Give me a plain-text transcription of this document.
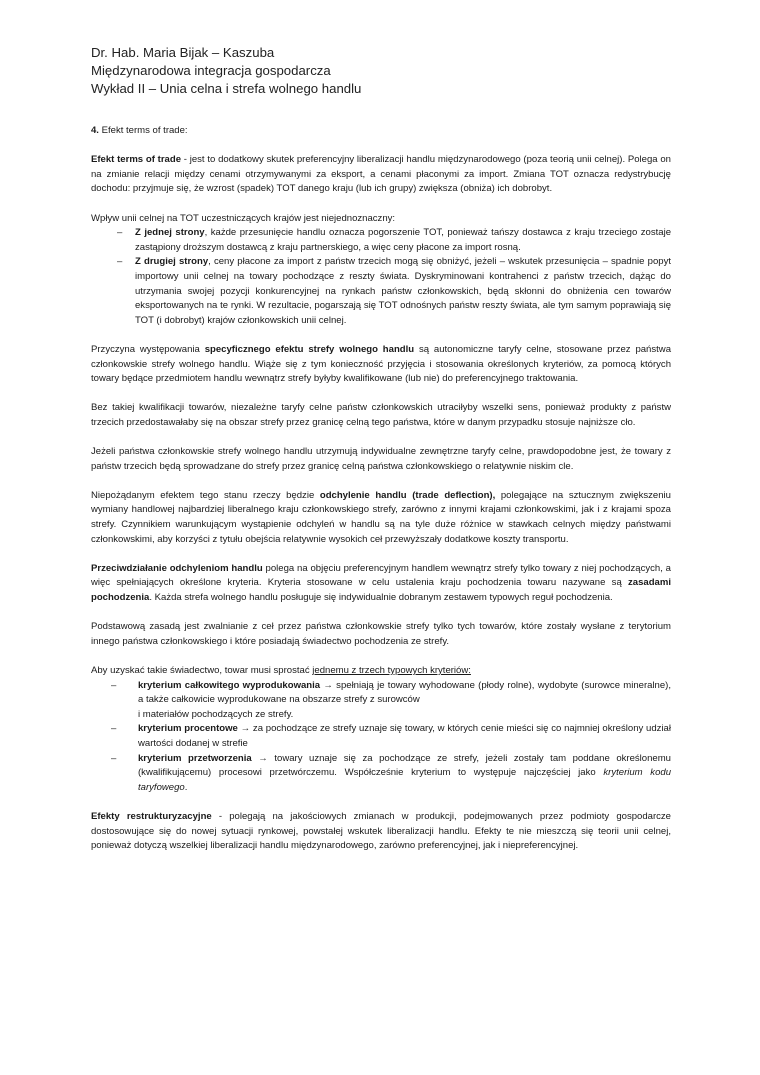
Dr. Hab. Maria Bijak – Kaszuba
Międzynarodowa integracja gospodarcza
Wykład II – Unia celna i strefa wolnego handlu

4. Efekt terms of trade:

Efekt terms of trade - jest to dodatkowy skutek preferencyjny liberalizacji handlu międzynarodowego (poza teorią unii celnej). Polega on na zmianie relacji między cenami otrzymywanymi za eksport, a cenami płaconymi za import. Zmiana TOT oznacza redystrybucję dochodu: przyjmuje się, że wzrost (spadek) TOT danego kraju (lub ich grupy) zwiększa (obniża) ich dobrobyt.

Wpływ unii celnej na TOT uczestniczących krajów jest niejednoznaczny:

– Z jednej strony, każde przesunięcie handlu oznacza pogorszenie TOT, ponieważ tańszy dostawca z kraju trzeciego zostaje zastąpiony droższym dostawcą z kraju partnerskiego, a więc ceny płacone za import rosną.
– Z drugiej strony, ceny płacone za import z państw trzecich mogą się obniżyć, jeżeli – wskutek przesunięcia – spadnie popyt importowy unii celnej na towary pochodzące z reszty świata. Dyskryminowani kontrahenci z państw trzecich, dążąc do utrzymania swojej pozycji konkurencyjnej na rynkach państw członkowskich, będą skłonni do obniżenia cen towarów eksportowanych na te rynki. W rezultacie, pogarszają się TOT odnośnych państw reszty świata, ale tym samym poprawiają się TOT (i dobrobyt) krajów członkowskich unii celnej.

Przyczyna występowania specyficznego efektu strefy wolnego handlu są autonomiczne taryfy celne, stosowane przez państwa członkowskie strefy wolnego handlu. Wiąże się z tym konieczność przyjęcia i stosowania określonych kryteriów, za pomocą których towary będące przedmiotem handlu wewnątrz strefy byłyby kwalifikowane (lub nie) do preferencyjnego traktowania.

Bez takiej kwalifikacji towarów, niezależne taryfy celne państw członkowskich utraciłyby wszelki sens, ponieważ produkty z państw trzecich przedostawałaby się na obszar strefy przez granicę celną tego państwa, które w danym przypadku stosuje najniższe cło.

Jeżeli państwa członkowskie strefy wolnego handlu utrzymują indywidualne zewnętrzne taryfy celne, prawdopodobne jest, że towary z państw trzecich będą sprowadzane do strefy przez granicę celną państwa członkowskiego o relatywnie niskim cle.

Niepożądanym efektem tego stanu rzeczy będzie odchylenie handlu (trade deflection), polegające na sztucznym zwiększeniu wymiany handlowej najbardziej liberalnego kraju członkowskiego strefy, zarówno z innymi krajami członkowskimi, jak i z krajami spoza strefy. Czynnikiem warunkującym wystąpienie odchyleń w handlu są na tyle duże różnice w stawkach celnych między państwami członkowskimi, aby korzyści z tytułu obejścia relatywnie wysokich ceł przewyższały dodatkowe koszty transportu.

Przeciwdziałanie odchyleniom handlu polega na objęciu preferencyjnym handlem wewnątrz strefy tylko towary z niej pochodzących, a więc spełniających określone kryteria. Kryteria stosowane w celu ustalenia kraju pochodzenia towaru nazywane są zasadami pochodzenia. Każda strefa wolnego handlu posługuje się indywidualnie dobranym zestawem typowych reguł pochodzenia.

Podstawową zasadą jest zwalnianie z ceł przez państwa członkowskie strefy tylko tych towarów, które zostały wysłane z terytorium innego państwa członkowskiego i które posiadają świadectwo pochodzenia ze strefy.

Aby uzyskać takie świadectwo, towar musi sprostać jednemu z trzech typowych kryteriów:

– kryterium całkowitego wyprodukowania → spełniają je towary wyhodowane (płody rolne), wydobyte (surowce mineralne), a także całkowicie wyprodukowane na obszarze strefy z surowców
i materiałów pochodzących ze strefy.
– kryterium procentowe → za pochodzące ze strefy uznaje się towary, w których cenie mieści się co najmniej określony udział wartości dodanej w strefie
– kryterium przetworzenia → towary uznaje się za pochodzące ze strefy, jeżeli zostały tam poddane określonemu (kwalifikującemu) procesowi przetwórczemu. Współcześnie kryterium to występuje najczęściej jako kryterium kodu taryfowego.

Efekty restrukturyzacyjne - polegają na jakościowych zmianach w produkcji, podejmowanych przez podmioty gospodarcze dostosowujące się do nowej sytuacji rynkowej, powstałej wskutek liberalizacji handlu. Efekty te nie mieszczą się teorii unii celnej, ponieważ dotyczą wszelkiej liberalizacji handlu międzynarodowego, zarówno preferencyjnej, jak i niepreferencyjnej.
